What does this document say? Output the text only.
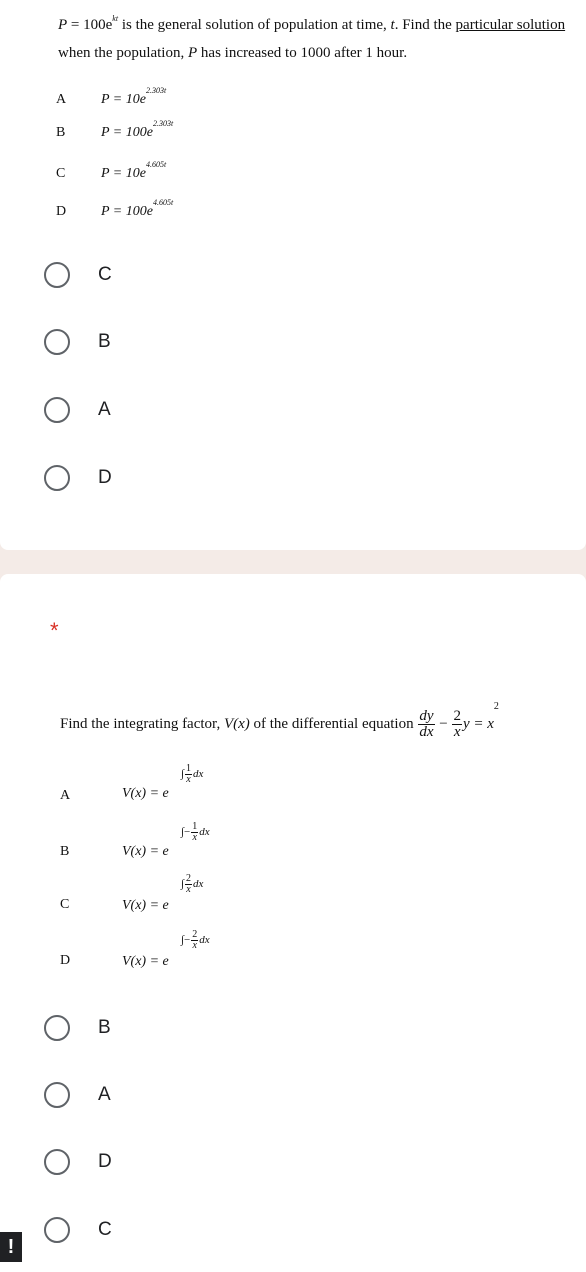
$P = 100e^{kt}$ is the general solution of population at time, t. Find the particular solution
when the population, P has increased to 1000 after 1 hour.
A $P = 10e^{2.303t}$
B	$P = 100e^{2.303t}$
C	$P = 10e^{4.605t}$
D $P = 100e^{4.605t}$
C
B
A
D
*
Find the integrating factor, V(x) of the differential equation $\frac{dy}{dx} - \frac{2}{x}$ $y = x^2$
A	V(x) = e
∫ $\frac{1}{x}$ dx
B	V(x) = e
∫− $\frac{1}{x}$ dx
C	V(x) = e
∫ $\frac{2}{x}$ dx
D	V(x) = e
∫− $\frac{2}{x}$ dx
B
A
D
C
!
